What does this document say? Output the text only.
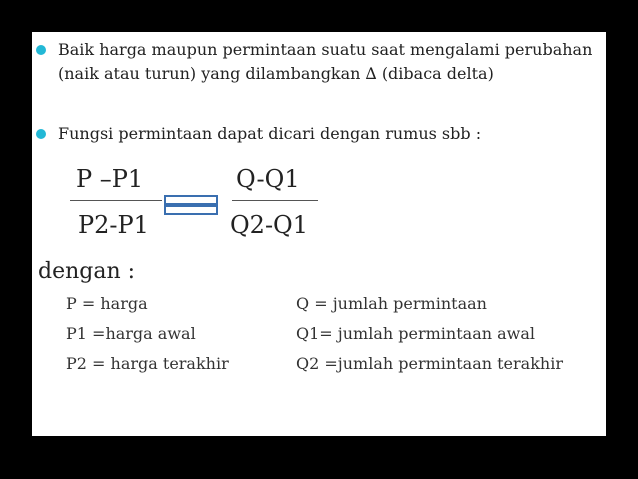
Baik harga maupun permintaan suatu saat mengalami perubahan (naik atau turun) yang dilambangkan ∆ (dibaca delta)
Fungsi permintaan dapat dicari dengan rumus sbb :
P –P1
P2-P1
Q-Q1
Q2-Q1
dengan :
P = harga
P1 =harga awal
P2 = harga terakhir
Q = jumlah permintaan
Q1= jumlah permintaan awal
Q2 =jumlah permintaan terakhir
